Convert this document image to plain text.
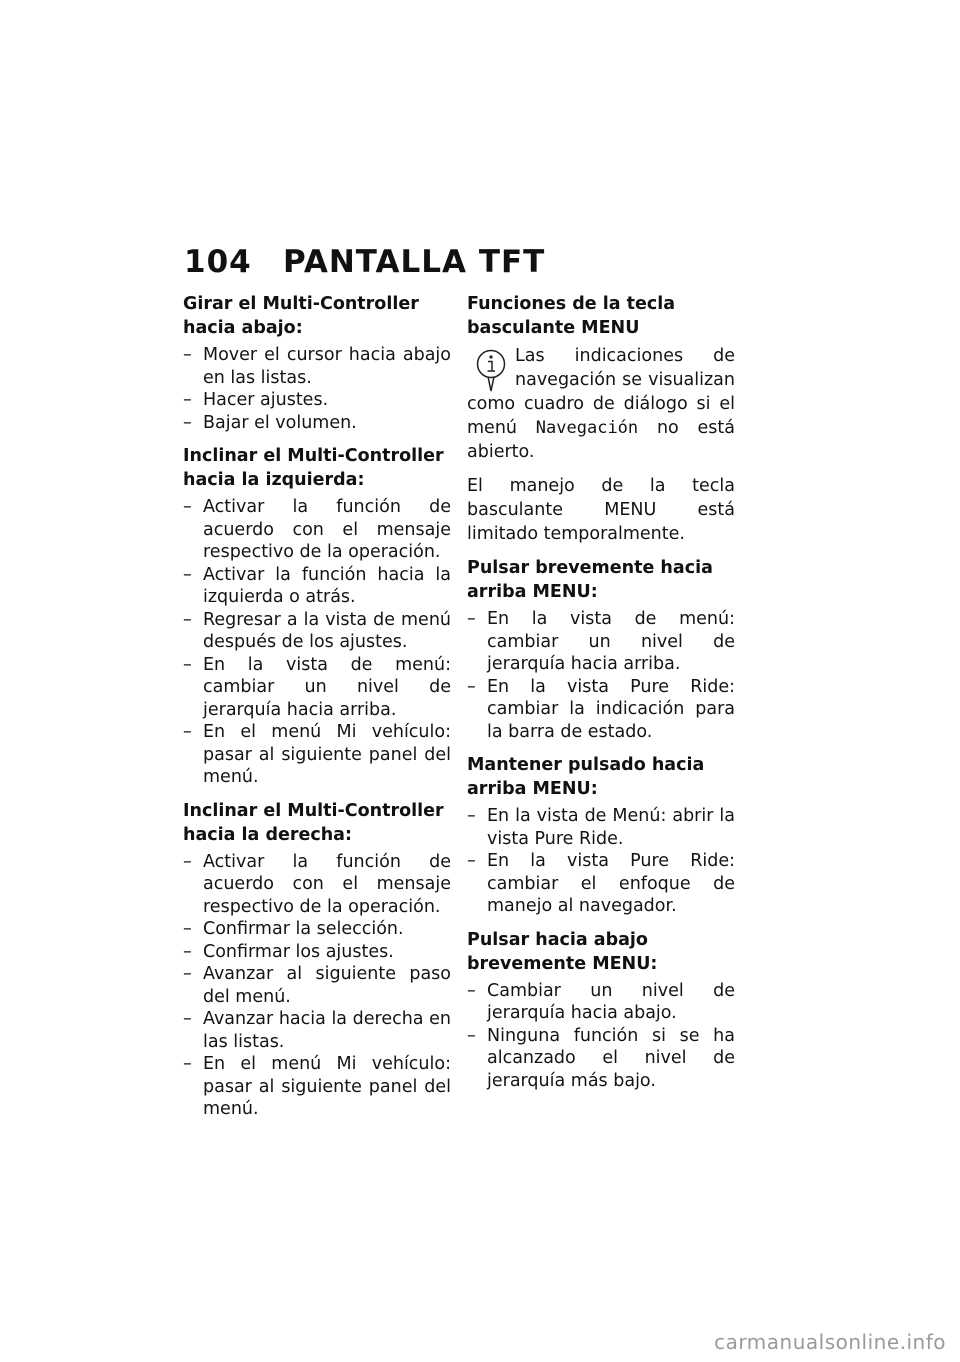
104 PANTALLA TFT
Girar el Multi-Controller hacia abajo:
– Mover el cursor hacia abajo en las listas.
– Hacer ajustes.
– Bajar el volumen.
Inclinar el Multi-Controller hacia la izquierda:
– Activar la función de acuerdo con el mensaje respectivo de la operación.
– Activar la función hacia la izquierda o atrás.
– Regresar a la vista de menú después de los ajustes.
– En la vista de menú: cambiar un nivel de jerarquía hacia arriba.
– En el menú Mi vehículo: pasar al siguiente panel del menú.
Inclinar el Multi-Controller hacia la derecha:
– Activar la función de acuerdo con el mensaje respectivo de la operación.
– Confirmar la selección.
– Confirmar los ajustes.
– Avanzar al siguiente paso del menú.
– Avanzar hacia la derecha en las listas.
– En el menú Mi vehículo: pasar al siguiente panel del menú.
Funciones de la tecla basculante MENU

Las indicaciones de navegación se visualizan como cuadro de diálogo si el menú Navegación no está abierto.

El manejo de la tecla basculante MENU está limitado temporalmente.

Pulsar brevemente hacia arriba MENU:
– En la vista de menú: cambiar un nivel de jerarquía hacia arriba.
– En la vista Pure Ride: cambiar la indicación para la barra de estado.
Mantener pulsado hacia arriba MENU:
– En la vista de Menú: abrir la vista Pure Ride.
– En la vista Pure Ride: cambiar el enfoque de manejo al navegador.
Pulsar hacia abajo brevemente MENU:
– Cambiar un nivel de jerarquía hacia abajo.
– Ninguna función si se ha alcanzado el nivel de jerarquía más bajo.
carmanualsonline.info
